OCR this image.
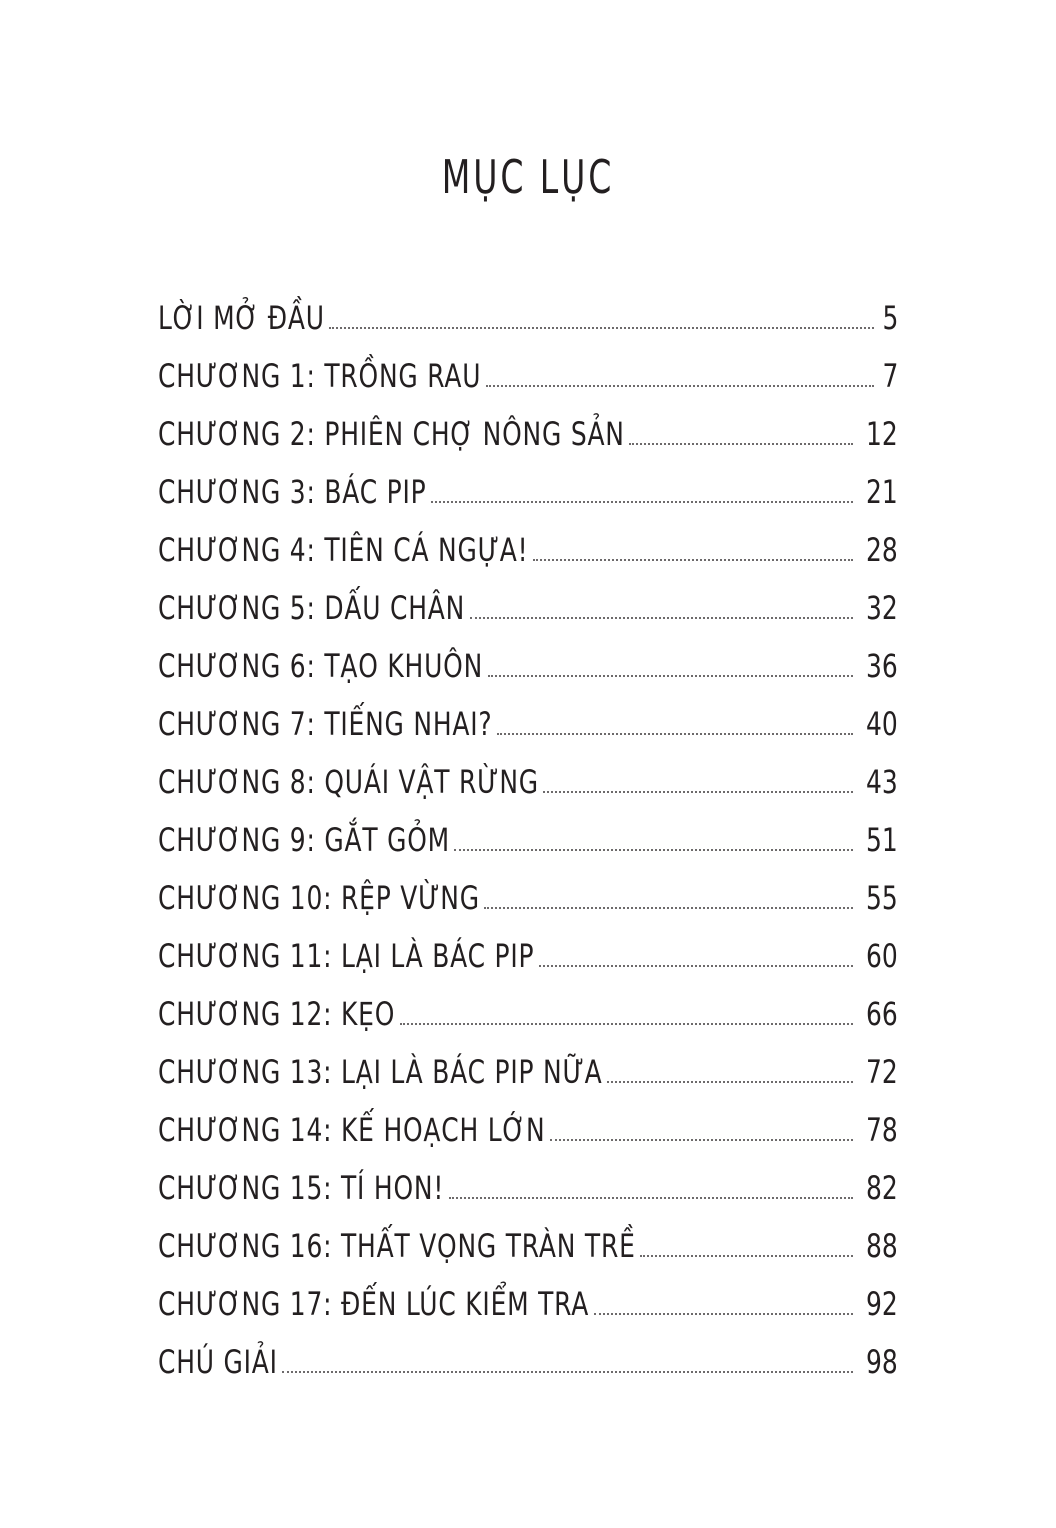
MỤC LỤC
LỜI MỞ ĐẦU	5
CHƯƠNG 1: TRỒNG RAU	7
CHƯƠNG 2: PHIÊN CHỢ NÔNG SẢN	12
CHƯƠNG 3: BÁC PIP	21
CHƯƠNG 4: TIÊN CÁ NGỰA!	28
CHƯƠNG 5: DẤU CHÂN	32
CHƯƠNG 6: TẠO KHUÔN	36
CHƯƠNG 7: TIẾNG NHAI?	40
CHƯƠNG 8: QUÁI VẬT RỪNG	43
CHƯƠNG 9: GẮT GỎM	51
CHƯƠNG 10: RỆP VỪNG	55
CHƯƠNG 11: LẠI LÀ BÁC PIP	60
CHƯƠNG 12: KẸO	66
CHƯƠNG 13: LẠI LÀ BÁC PIP NỮA	72
CHƯƠNG 14: KẾ HOẠCH LỚN	78
CHƯƠNG 15: TÍ HON!	82
CHƯƠNG 16: THẤT VỌNG TRÀN TRỀ	88
CHƯƠNG 17: ĐẾN LÚC KIỂM TRA	92
CHÚ GIẢI	98
